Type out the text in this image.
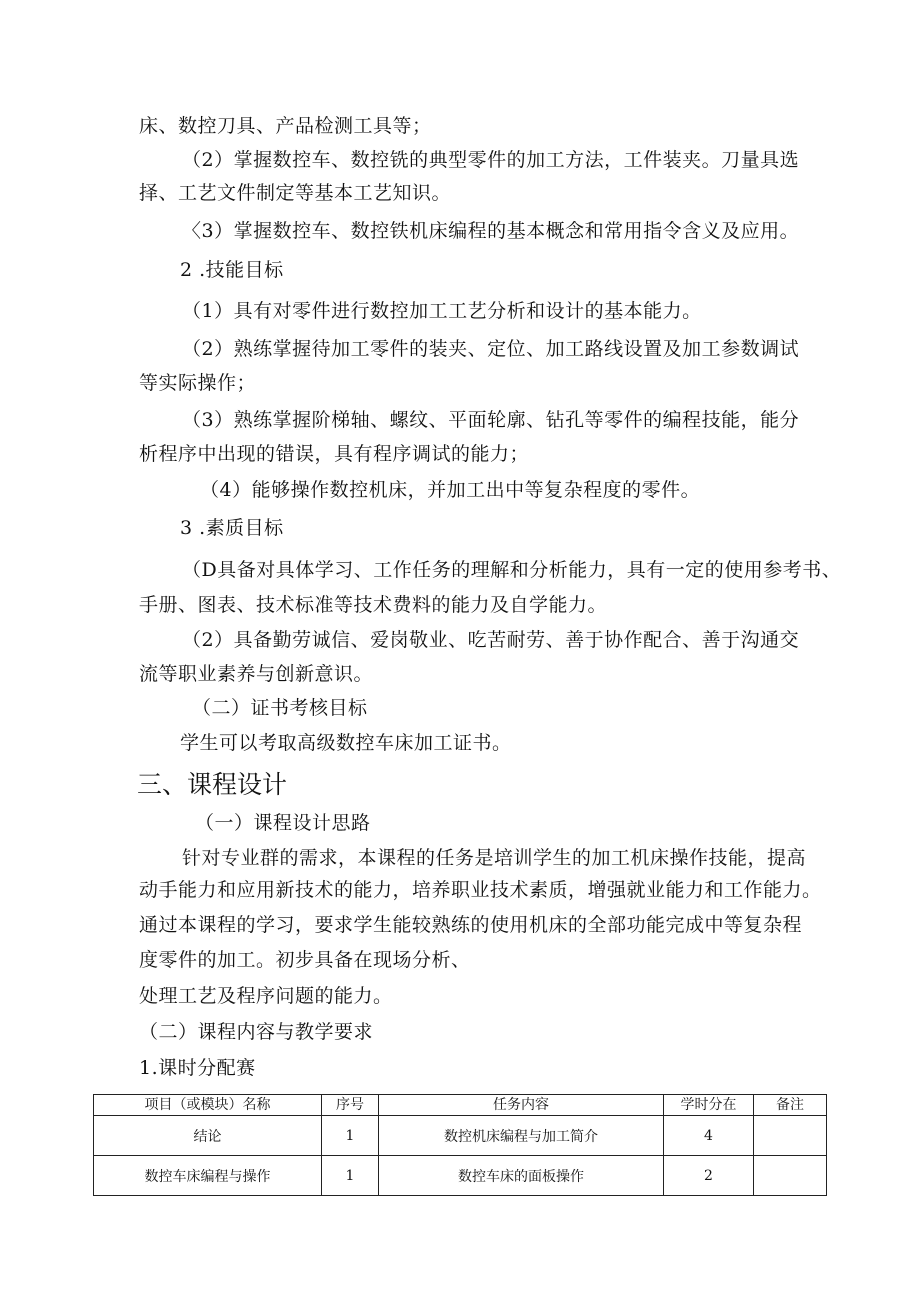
床、数控刀具、产品检测工具等；
（2）掌握数控车、数控铣的典型零件的加工方法，工件装夹。刀量具选
择、工艺文件制定等基本工艺知识。
〈3）掌握数控车、数控铁机床编程的基本概念和常用指令含义及应用。
2 .技能目标
（1）具有对零件进行数控加工工艺分析和设计的基本能力。
（2）熟练掌握待加工零件的装夹、定位、加工路线设置及加工参数调试
等实际操作；
（3）熟练掌握阶梯轴、螺纹、平面轮廓、钻孔等零件的编程技能，能分
析程序中出现的错误，具有程序调试的能力；
（4）能够操作数控机床，并加工出中等复杂程度的零件。
3 .素质目标
（D具备对具体学习、工作任务的理解和分析能力，具有一定的使用参考书、
手册、图表、技术标准等技术费料的能力及自学能力。
（2）具备勤劳诚信、爱岗敬业、吃苦耐劳、善于协作配合、善于沟通交
流等职业素养与创新意识。
（二）证书考核目标
学生可以考取高级数控车床加工证书。
三、课程设计
（一）课程设计思路
针对专业群的需求，本课程的任务是培训学生的加工机床操作技能，提高
动手能力和应用新技术的能力，培养职业技术素质，增强就业能力和工作能力。
通过本课程的学习，要求学生能较熟练的使用机床的全部功能完成中等复杂程
度零件的加工。初步具备在现场分析、
处理工艺及程序问题的能力。
（二）课程内容与教学要求
1.课时分配赛
项目（或模块）名称	序号	任务内容	学时分在	备注
结论	1	数控机床编程与加工简介	4	
数控车床编程与操作	1	数控车床的面板操作	2	
